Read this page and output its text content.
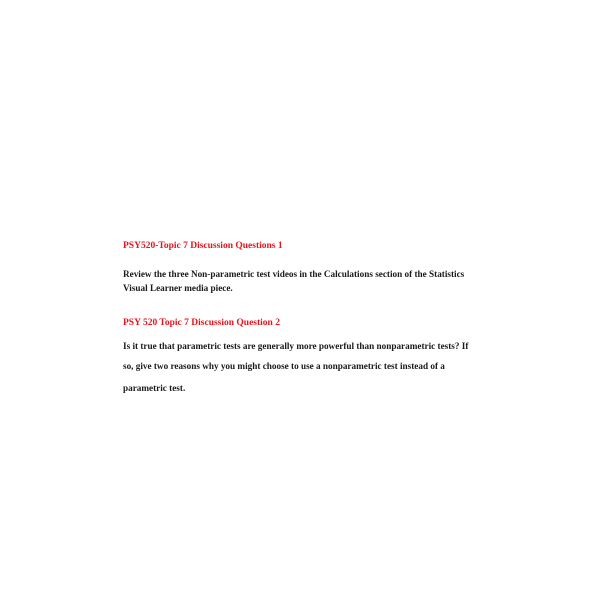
PSY520-Topic 7 Discussion Questions 1
Review the three Non-parametric test videos in the Calculations section of the Statistics
Visual Learner media piece.
PSY 520 Topic 7 Discussion Question 2
Is it true that parametric tests are generally more powerful than nonparametric tests? If
so, give two reasons why you might choose to use a nonparametric test instead of a
parametric test.
